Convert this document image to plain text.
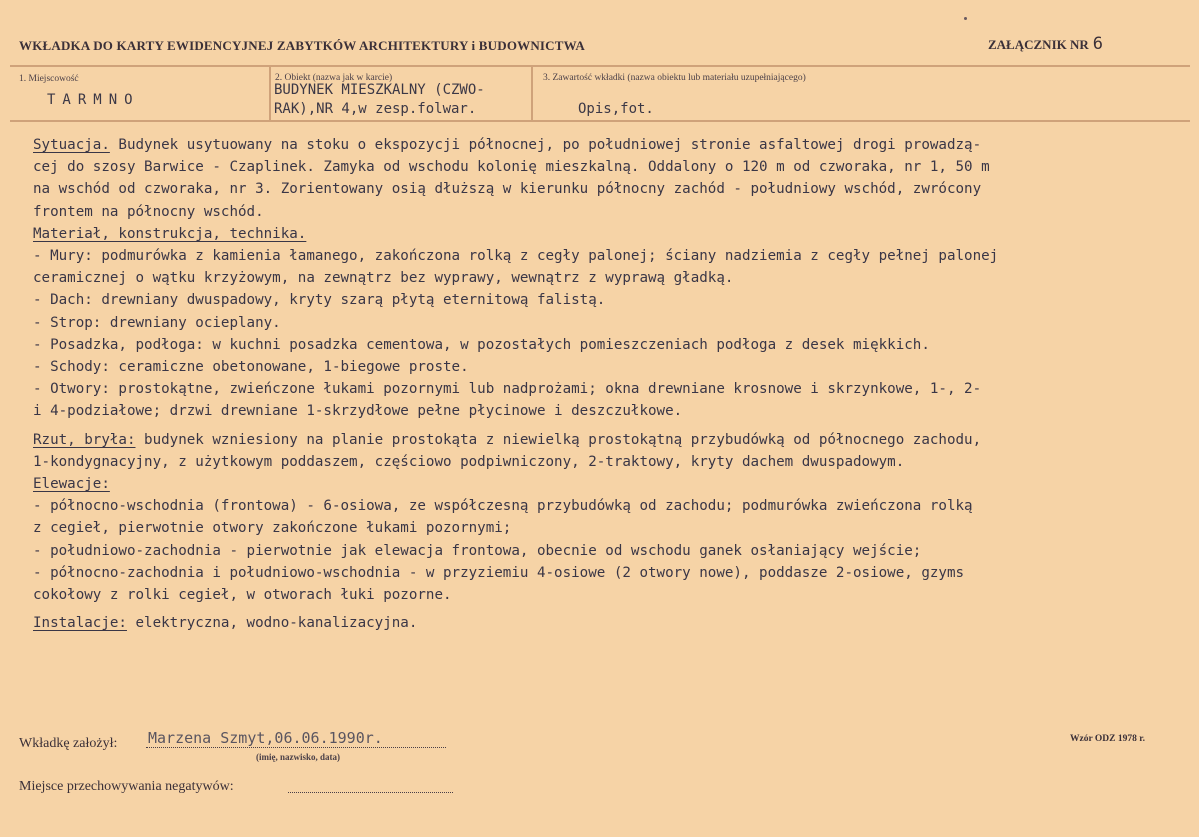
WKŁADKA DO KARTY EWIDENCYJNEJ ZABYTKÓW ARCHITEKTURY i BUDOWNICTWA	ZAŁĄCZNIK NR 6
1. Miejscowość
TARMNO
2. Obiekt (nazwa jak w karcie)
BUDYNEK MIESZKALNY (CZWO-
RAK),NR 4,w zesp.folwar.
3. Zawartość wkładki (nazwa obiektu lub materiału uzupełniającego)
Opis,fot.

Sytuacja. Budynek usytuowany na stoku o ekspozycji północnej, po południowej stronie asfaltowej drogi prowadzą-

cej do szosy Barwice - Czaplinek. Zamyka od wschodu kolonię mieszkalną. Oddalony o 120 m od czworaka, nr 1, 50 m

na wschód od czworaka, nr 3. Zorientowany osią dłuższą w kierunku północny zachód - południowy wschód, zwrócony

frontem na północny wschód.

Materiał, konstrukcja, technika.

- Mury: podmurówka z kamienia łamanego, zakończona rolką z cegły palonej; ściany nadziemia z cegły pełnej palonej

ceramicznej o wątku krzyżowym, na zewnątrz bez wyprawy, wewnątrz z wyprawą gładką.

- Dach: drewniany dwuspadowy, kryty szarą płytą eternitową falistą.

- Strop: drewniany ocieplany.

- Posadzka, podłoga: w kuchni posadzka cementowa, w pozostałych pomieszczeniach podłoga z desek miękkich.

- Schody: ceramiczne obetonowane, 1-biegowe proste.

- Otwory: prostokątne, zwieńczone łukami pozornymi lub nadprożami; okna drewniane krosnowe i skrzynkowe, 1-, 2-

i 4-podziałowe; drzwi drewniane 1-skrzydłowe pełne płycinowe i deszczułkowe.

Rzut, bryła: budynek wzniesiony na planie prostokąta z niewielką prostokątną przybudówką od północnego zachodu,

1-kondygnacyjny, z użytkowym poddaszem, częściowo podpiwniczony, 2-traktowy, kryty dachem dwuspadowym.

Elewacje:

- północno-wschodnia (frontowa) - 6-osiowa, ze współczesną przybudówką od zachodu; podmurówka zwieńczona rolką

z cegieł, pierwotnie otwory zakończone łukami pozornymi;

- południowo-zachodnia - pierwotnie jak elewacja frontowa, obecnie od wschodu ganek osłaniający wejście;

- północno-zachodnia i południowo-wschodnia - w przyziemiu 4-osiowe (2 otwory nowe), poddasze 2-osiowe, gzyms

cokołowy z rolki cegieł, w otworach łuki pozorne.

Instalacje: elektryczna, wodno-kanalizacyjna.

Wkładkę założył: Marzena Szmyt,06.06.1990r.
(imię, nazwisko, data)
Wzór ODZ 1978 r.
Miejsce przechowywania negatywów:
